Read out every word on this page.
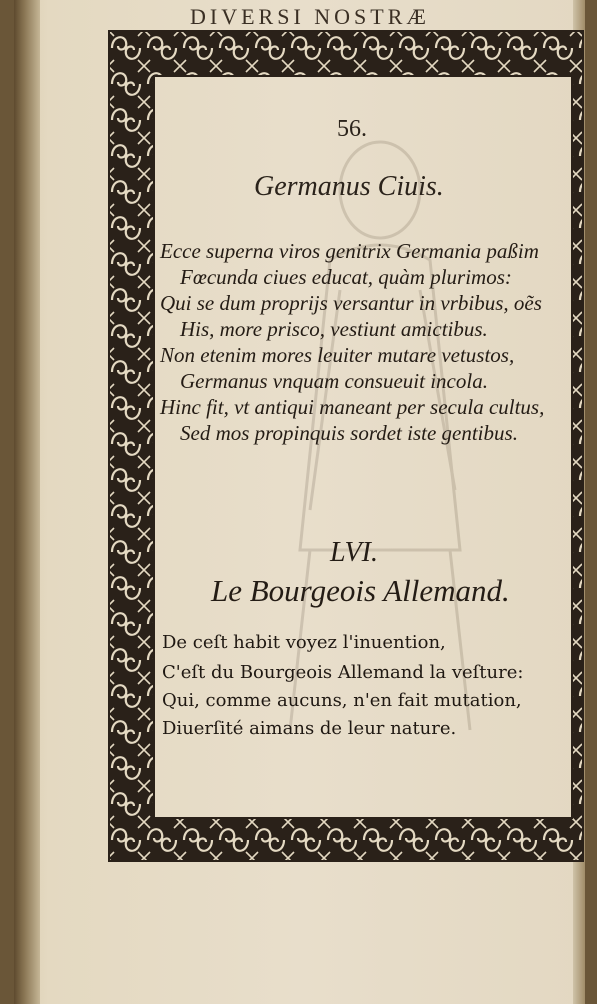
DIVERSI NOSTRÆ
56.
Germanus Ciuis.
Ecce superna viros genitrix Germania paßim
Fœcunda ciues educat, quàm plurimos:
Qui se dum proprijs versantur in vrbibus, oẽs
His, more prisco, vestiunt amictibus.
Non etenim mores leuiter mutare vetustos,
Germanus vnquam consueuit incola.
Hinc fit, vt antiqui maneant per secula cultus,
Sed mos propinquis sordet iste gentibus.
LVI.
Le Bourgeois Allemand.
De ceſt habit voyez l'inuention,
C'eſt du Bourgeois Allemand la veſture:
Qui, comme aucuns, n'en fait mutation,
Diuerſité aimans de leur nature.
